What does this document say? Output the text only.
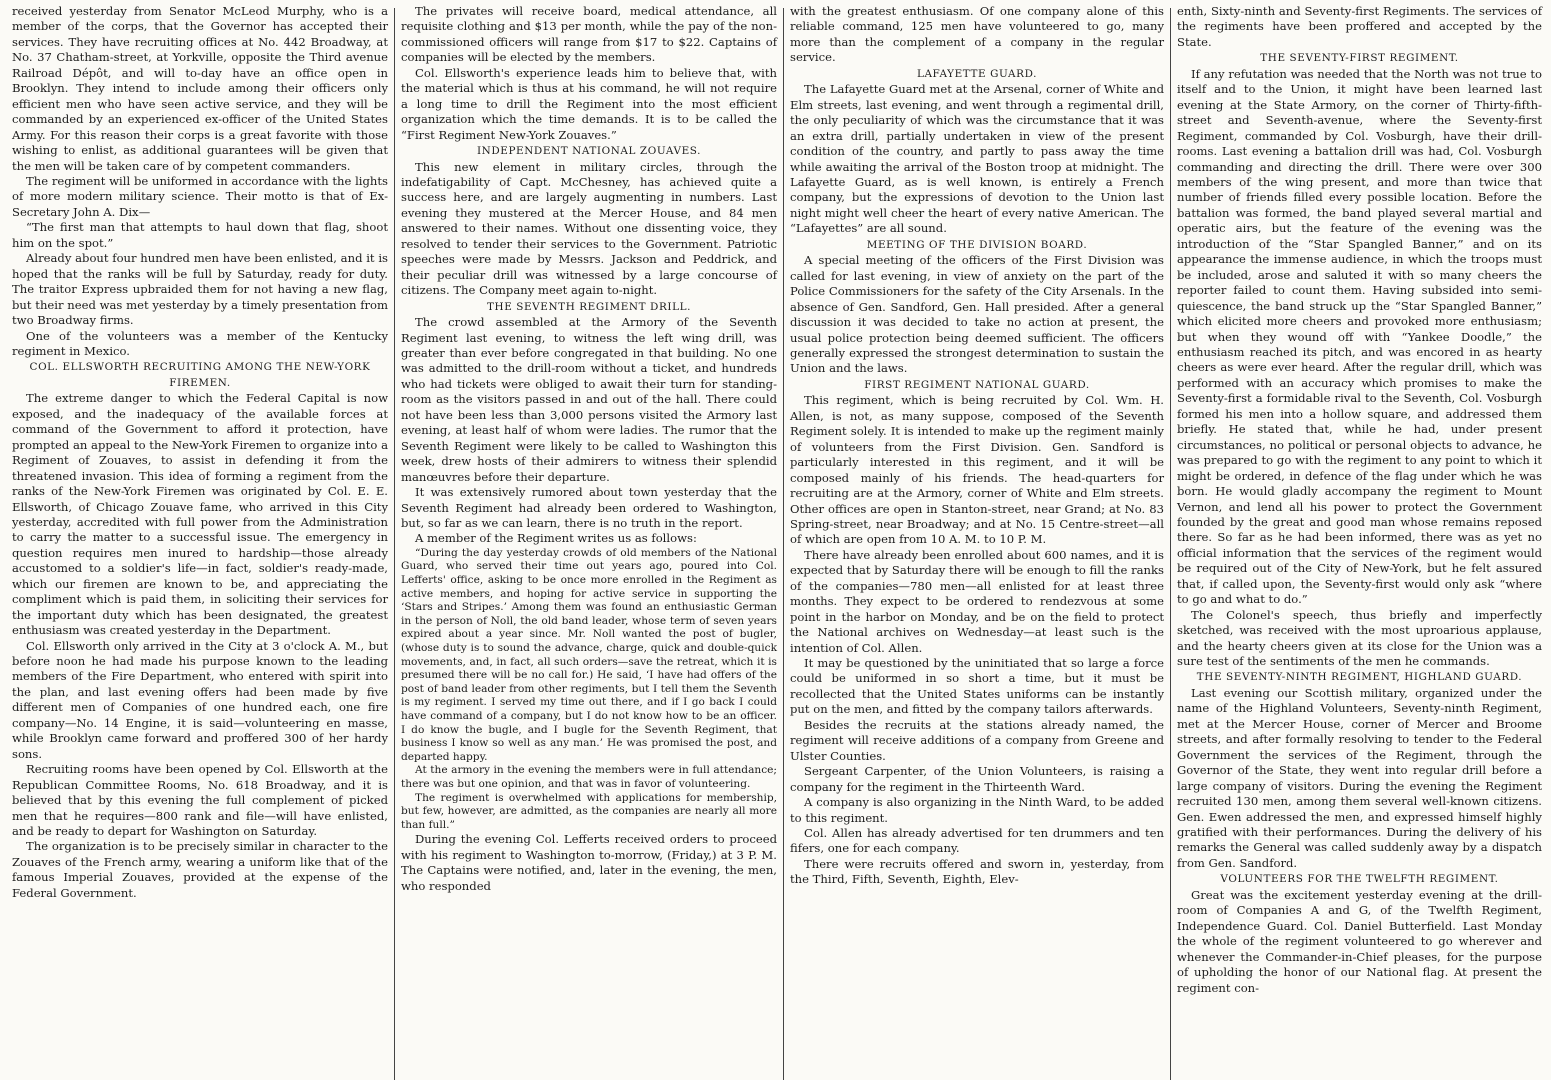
received yesterday from Senator McLeod Murphy, who is a member of the corps, that the Governor has accepted their services. They have recruiting offices at No. 442 Broadway, at No. 37 Chatham-street, at Yorkville, opposite the Third avenue Railroad Dépôt, and will to-day have an office open in Brooklyn. They intend to include among their officers only efficient men who have seen active service, and they will be commanded by an experienced ex-officer of the United States Army. For this reason their corps is a great favorite with those wishing to enlist, as additional guarantees will be given that the men will be taken care of by competent commanders.

The regiment will be uniformed in accordance with the lights of more modern military science. Their motto is that of Ex-Secretary John A. Dix—

“The first man that attempts to haul down that flag, shoot him on the spot.”

Already about four hundred men have been enlisted, and it is hoped that the ranks will be full by Saturday, ready for duty. The traitor Express upbraided them for not having a new flag, but their need was met yesterday by a timely presentation from two Broadway firms.

One of the volunteers was a member of the Kentucky regiment in Mexico.

COL. ELLSWORTH RECRUITING AMONG THE NEW-YORK FIREMEN.

The extreme danger to which the Federal Capital is now exposed, and the inadequacy of the available forces at command of the Government to afford it protection, have prompted an appeal to the New-York Firemen to organize into a Regiment of Zouaves, to assist in defending it from the threatened invasion. This idea of forming a regiment from the ranks of the New-York Firemen was originated by Col. E. E. Ellsworth, of Chicago Zouave fame, who arrived in this City yesterday, accredited with full power from the Administration to carry the matter to a successful issue. The emergency in question requires men inured to hardship—those already accustomed to a soldier's life—in fact, soldier's ready-made, which our firemen are known to be, and appreciating the compliment which is paid them, in soliciting their services for the important duty which has been designated, the greatest enthusiasm was created yesterday in the Department.

Col. Ellsworth only arrived in the City at 3 o'clock A. M., but before noon he had made his purpose known to the leading members of the Fire Department, who entered with spirit into the plan, and last evening offers had been made by five different men of Companies of one hundred each, one fire company—No. 14 Engine, it is said—volunteering en masse, while Brooklyn came forward and proffered 300 of her hardy sons.

Recruiting rooms have been opened by Col. Ellsworth at the Republican Committee Rooms, No. 618 Broadway, and it is believed that by this evening the full complement of picked men that he requires—800 rank and file—will have enlisted, and be ready to depart for Washington on Saturday.

The organization is to be precisely similar in character to the Zouaves of the French army, wearing a uniform like that of the famous Imperial Zouaves, provided at the expense of the Federal Government.

The privates will receive board, medical attendance, all requisite clothing and $13 per month, while the pay of the non-commissioned officers will range from $17 to $22. Captains of companies will be elected by the members.

Col. Ellsworth's experience leads him to believe that, with the material which is thus at his command, he will not require a long time to drill the Regiment into the most efficient organization which the time demands. It is to be called the “First Regiment New-York Zouaves.”

INDEPENDENT NATIONAL ZOUAVES.

This new element in military circles, through the indefatigability of Capt. McChesney, has achieved quite a success here, and are largely augmenting in numbers. Last evening they mustered at the Mercer House, and 84 men answered to their names. Without one dissenting voice, they resolved to tender their services to the Government. Patriotic speeches were made by Messrs. Jackson and Peddrick, and their peculiar drill was witnessed by a large concourse of citizens. The Company meet again to-night.

THE SEVENTH REGIMENT DRILL.

The crowd assembled at the Armory of the Seventh Regiment last evening, to witness the left wing drill, was greater than ever before congregated in that building. No one was admitted to the drill-room without a ticket, and hundreds who had tickets were obliged to await their turn for standing-room as the visitors passed in and out of the hall. There could not have been less than 3,000 persons visited the Armory last evening, at least half of whom were ladies. The rumor that the Seventh Regiment were likely to be called to Washington this week, drew hosts of their admirers to witness their splendid manœuvres before their departure.

It was extensively rumored about town yesterday that the Seventh Regiment had already been ordered to Washington, but, so far as we can learn, there is no truth in the report.

A member of the Regiment writes us as follows:

“During the day yesterday crowds of old members of the National Guard, who served their time out years ago, poured into Col. Lefferts' office, asking to be once more enrolled in the Regiment as active members, and hoping for active service in supporting the ‘Stars and Stripes.’ Among them was found an enthusiastic German in the person of Noll, the old band leader, whose term of seven years expired about a year since. Mr. Noll wanted the post of bugler, (whose duty is to sound the advance, charge, quick and double-quick movements, and, in fact, all such orders—save the retreat, which it is presumed there will be no call for.) He said, ‘I have had offers of the post of band leader from other regiments, but I tell them the Seventh is my regiment. I served my time out there, and if I go back I could have command of a company, but I do not know how to be an officer. I do know the bugle, and I bugle for the Seventh Regiment, that business I know so well as any man.’ He was promised the post, and departed happy.

At the armory in the evening the members were in full attendance; there was but one opinion, and that was in favor of volunteering.

The regiment is overwhelmed with applications for membership, but few, however, are admitted, as the companies are nearly all more than full.”

During the evening Col. Lefferts received orders to proceed with his regiment to Washington to-morrow, (Friday,) at 3 P. M. The Captains were notified, and, later in the evening, the men, who responded

with the greatest enthusiasm. Of one company alone of this reliable command, 125 men have volunteered to go, many more than the complement of a company in the regular service.

LAFAYETTE GUARD.

The Lafayette Guard met at the Arsenal, corner of White and Elm streets, last evening, and went through a regimental drill, the only peculiarity of which was the circumstance that it was an extra drill, partially undertaken in view of the present condition of the country, and partly to pass away the time while awaiting the arrival of the Boston troop at midnight. The Lafayette Guard, as is well known, is entirely a French company, but the expressions of devotion to the Union last night might well cheer the heart of every native American. The “Lafayettes” are all sound.

MEETING OF THE DIVISION BOARD.

A special meeting of the officers of the First Division was called for last evening, in view of anxiety on the part of the Police Commissioners for the safety of the City Arsenals. In the absence of Gen. Sandford, Gen. Hall presided. After a general discussion it was decided to take no action at present, the usual police protection being deemed sufficient. The officers generally expressed the strongest determination to sustain the Union and the laws.

FIRST REGIMENT NATIONAL GUARD.

This regiment, which is being recruited by Col. Wm. H. Allen, is not, as many suppose, composed of the Seventh Regiment solely. It is intended to make up the regiment mainly of volunteers from the First Division. Gen. Sandford is particularly interested in this regiment, and it will be composed mainly of his friends. The head-quarters for recruiting are at the Armory, corner of White and Elm streets. Other offices are open in Stanton-street, near Grand; at No. 83 Spring-street, near Broadway; and at No. 15 Centre-street—all of which are open from 10 A. M. to 10 P. M.

There have already been enrolled about 600 names, and it is expected that by Saturday there will be enough to fill the ranks of the companies—780 men—all enlisted for at least three months. They expect to be ordered to rendezvous at some point in the harbor on Monday, and be on the field to protect the National archives on Wednesday—at least such is the intention of Col. Allen.

It may be questioned by the uninitiated that so large a force could be uniformed in so short a time, but it must be recollected that the United States uniforms can be instantly put on the men, and fitted by the company tailors afterwards.

Besides the recruits at the stations already named, the regiment will receive additions of a company from Greene and Ulster Counties.

Sergeant Carpenter, of the Union Volunteers, is raising a company for the regiment in the Thirteenth Ward.

A company is also organizing in the Ninth Ward, to be added to this regiment.

Col. Allen has already advertised for ten drummers and ten fifers, one for each company.

There were recruits offered and sworn in, yesterday, from the Third, Fifth, Seventh, Eighth, Elev-

enth, Sixty-ninth and Seventy-first Regiments. The services of the regiments have been proffered and accepted by the State.

THE SEVENTY-FIRST REGIMENT.

If any refutation was needed that the North was not true to itself and to the Union, it might have been learned last evening at the State Armory, on the corner of Thirty-fifth-street and Seventh-avenue, where the Seventy-first Regiment, commanded by Col. Vosburgh, have their drill-rooms. Last evening a battalion drill was had, Col. Vosburgh commanding and directing the drill. There were over 300 members of the wing present, and more than twice that number of friends filled every possible location. Before the battalion was formed, the band played several martial and operatic airs, but the feature of the evening was the introduction of the “Star Spangled Banner,” and on its appearance the immense audience, in which the troops must be included, arose and saluted it with so many cheers the reporter failed to count them. Having subsided into semi-quiescence, the band struck up the “Star Spangled Banner,” which elicited more cheers and provoked more enthusiasm; but when they wound off with “Yankee Doodle,” the enthusiasm reached its pitch, and was encored in as hearty cheers as were ever heard. After the regular drill, which was performed with an accuracy which promises to make the Seventy-first a formidable rival to the Seventh, Col. Vosburgh formed his men into a hollow square, and addressed them briefly. He stated that, while he had, under present circumstances, no political or personal objects to advance, he was prepared to go with the regiment to any point to which it might be ordered, in defence of the flag under which he was born. He would gladly accompany the regiment to Mount Vernon, and lend all his power to protect the Government founded by the great and good man whose remains reposed there. So far as he had been informed, there was as yet no official information that the services of the regiment would be required out of the City of New-York, but he felt assured that, if called upon, the Seventy-first would only ask “where to go and what to do.”

The Colonel's speech, thus briefly and imperfectly sketched, was received with the most uproarious applause, and the hearty cheers given at its close for the Union was a sure test of the sentiments of the men he commands.

THE SEVENTY-NINTH REGIMENT, HIGHLAND GUARD.

Last evening our Scottish military, organized under the name of the Highland Volunteers, Seventy-ninth Regiment, met at the Mercer House, corner of Mercer and Broome streets, and after formally resolving to tender to the Federal Government the services of the Regiment, through the Governor of the State, they went into regular drill before a large company of visitors. During the evening the Regiment recruited 130 men, among them several well-known citizens. Gen. Ewen addressed the men, and expressed himself highly gratified with their performances. During the delivery of his remarks the General was called suddenly away by a dispatch from Gen. Sandford.

VOLUNTEERS FOR THE TWELFTH REGIMENT.

Great was the excitement yesterday evening at the drill-room of Companies A and G, of the Twelfth Regiment, Independence Guard. Col. Daniel Butterfield. Last Monday the whole of the regiment volunteered to go wherever and whenever the Commander-in-Chief pleases, for the purpose of upholding the honor of our National flag. At present the regiment con-
